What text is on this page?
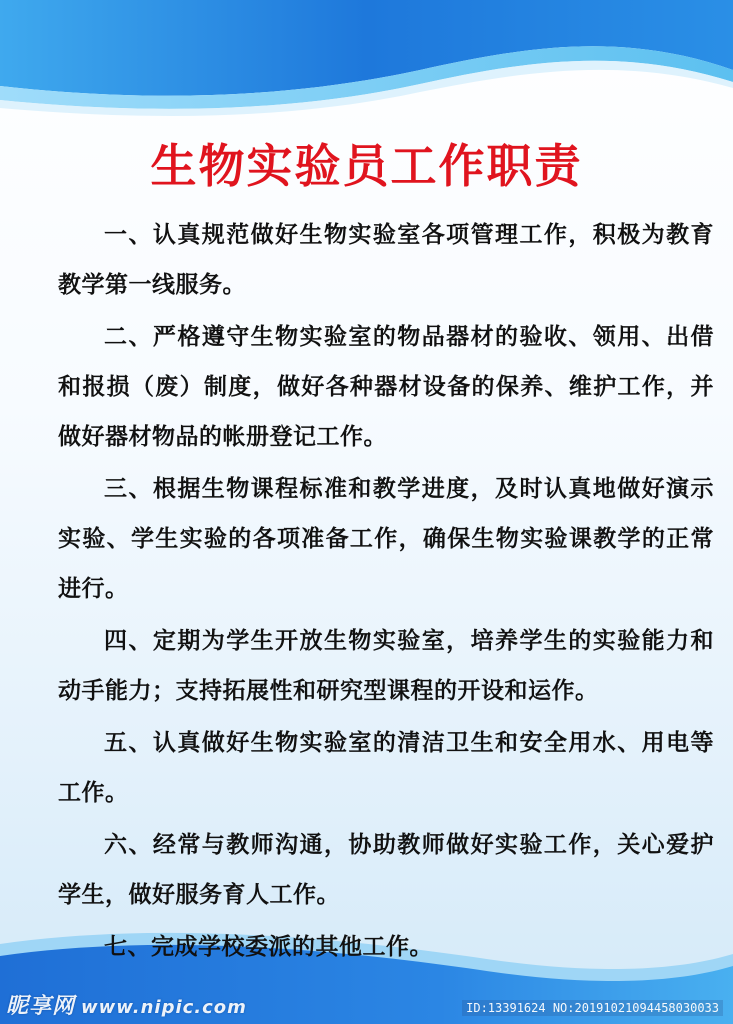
生物实验员工作职责

一、认真规范做好生物实验室各项管理工作，积极为教育教学第一线服务。

二、严格遵守生物实验室的物品器材的验收、领用、出借和报损（废）制度，做好各种器材设备的保养、维护工作，并做好器材物品的帐册登记工作。

三、根据生物课程标准和教学进度，及时认真地做好演示实验、学生实验的各项准备工作，确保生物实验课教学的正常进行。

四、定期为学生开放生物实验室，培养学生的实验能力和动手能力；支持拓展性和研究型课程的开设和运作。

五、认真做好生物实验室的清洁卫生和安全用水、用电等工作。

六、经常与教师沟通，协助教师做好实验工作，关心爱护学生，做好服务育人工作。

七、完成学校委派的其他工作。

昵享网 www.nipic.com	ID:13391624 NO:20191021094458030033
